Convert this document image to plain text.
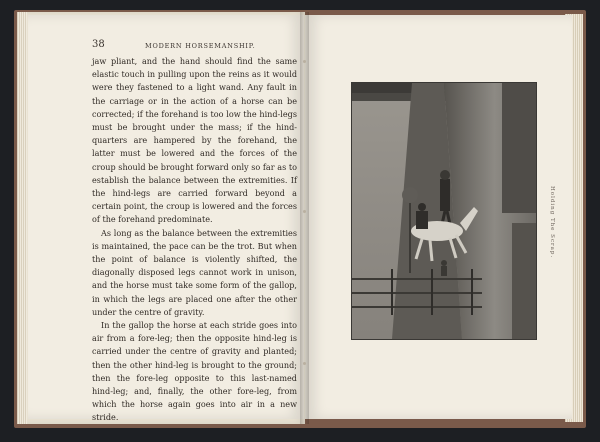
38	MODERN HORSEMANSHIP.

jaw pliant, and the hand should find the same elastic touch in pulling upon the reins as it would were they fastened to a light wand. Any fault in the carriage or in the action of a horse can be corrected; if the forehand is too low the hind-legs must be brought under the mass; if the hind-quarters are hampered by the forehand, the latter must be lowered and the forces of the croup should be brought forward only so far as to establish the balance between the extremities. If the hind-legs are carried forward beyond a certain point, the croup is lowered and the forces of the forehand predominate.

As long as the balance between the extremities is maintained, the pace can be the trot. But when the point of balance is violently shifted, the diagonally disposed legs cannot work in unison, and the horse must take some form of the gallop, in which the legs are placed one after the other under the centre of gravity.

In the gallop the horse at each stride goes into air from a fore-leg; then the opposite hind-leg is carried under the centre of gravity and planted; then the other hind-leg is brought to the ground; then the fore-leg opposite to this last-named hind-leg; and, finally, the other fore-leg, from which the horse again goes into air in a new stride.

Holding The Scrap.
